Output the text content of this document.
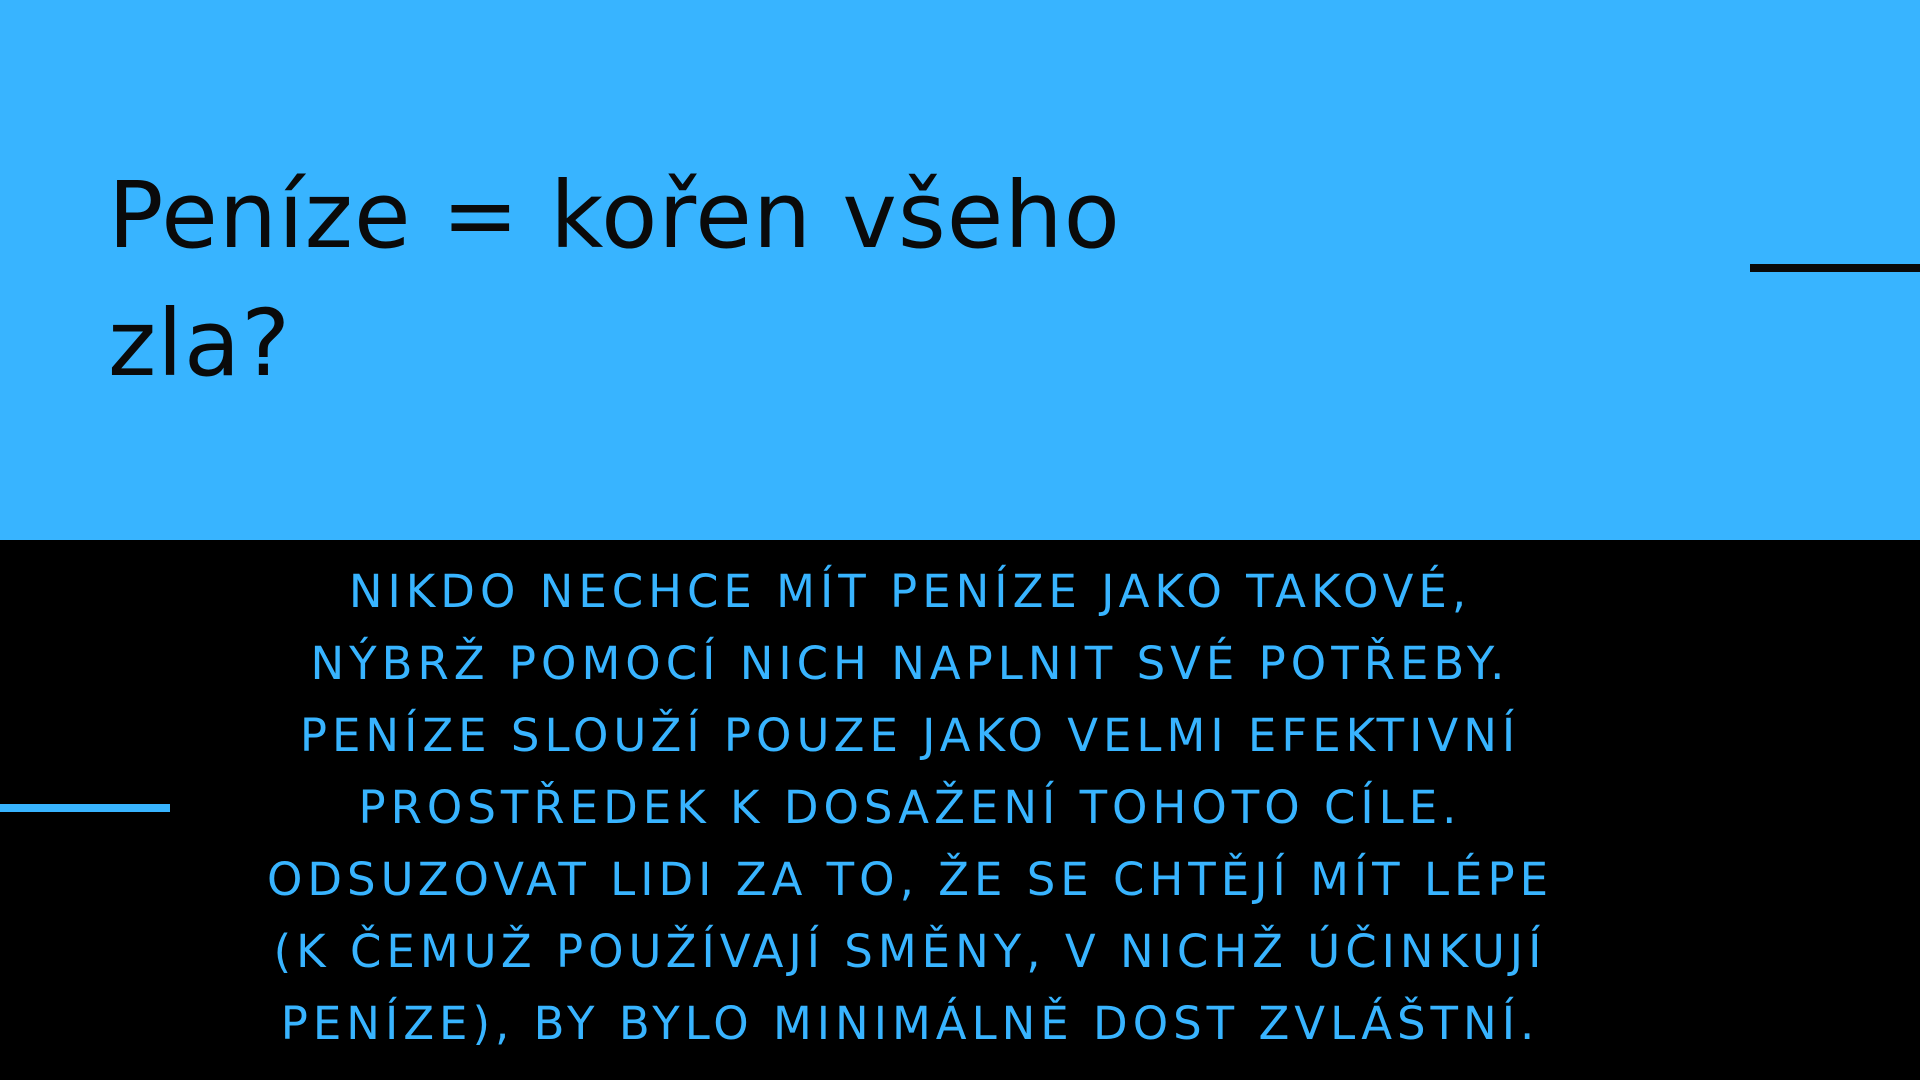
Peníze = kořen všeho
zla?

NIKDO NECHCE MÍT PENÍZE JAKO TAKOVÉ,
NÝBRŽ POMOCÍ NICH NAPLNIT SVÉ POTŘEBY.
PENÍZE SLOUŽÍ POUZE JAKO VELMI EFEKTIVNÍ
PROSTŘEDEK K DOSAŽENÍ TOHOTO CÍLE.
ODSUZOVAT LIDI ZA TO, ŽE SE CHTĚJÍ MÍT LÉPE
(K ČEMUŽ POUŽÍVAJÍ SMĚNY, V NICHŽ ÚČINKUJÍ
PENÍZE), BY BYLO MINIMÁLNĚ DOST ZVLÁŠTNÍ.
